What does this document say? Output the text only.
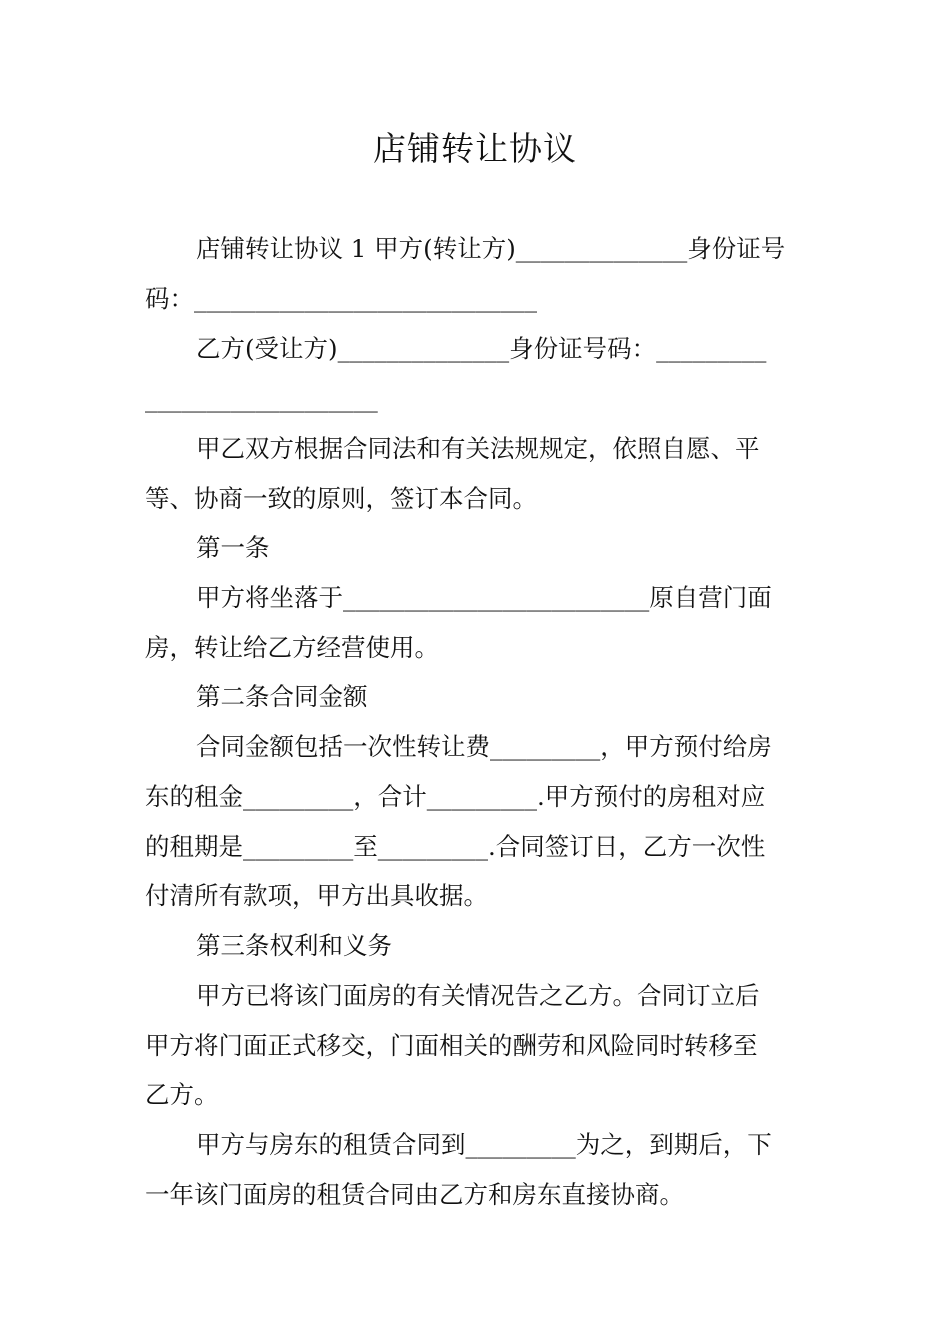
店铺转让协议

店铺转让协议 1 甲方(转让方)______________身份证号

码：____________________________

乙方(受让方)______________身份证号码：_________

___________________

甲乙双方根据合同法和有关法规规定，依照自愿、平

等、协商一致的原则，签订本合同。

第一条

甲方将坐落于_________________________原自营门面

房，转让给乙方经营使用。

第二条合同金额

合同金额包括一次性转让费_________，甲方预付给房

东的租金_________，合计_________.甲方预付的房租对应

的租期是_________至_________.合同签订日，乙方一次性

付清所有款项，甲方出具收据。

第三条权利和义务

甲方已将该门面房的有关情况告之乙方。合同订立后

甲方将门面正式移交，门面相关的酬劳和风险同时转移至

乙方。

甲方与房东的租赁合同到_________为之，到期后，下

一年该门面房的租赁合同由乙方和房东直接协商。
